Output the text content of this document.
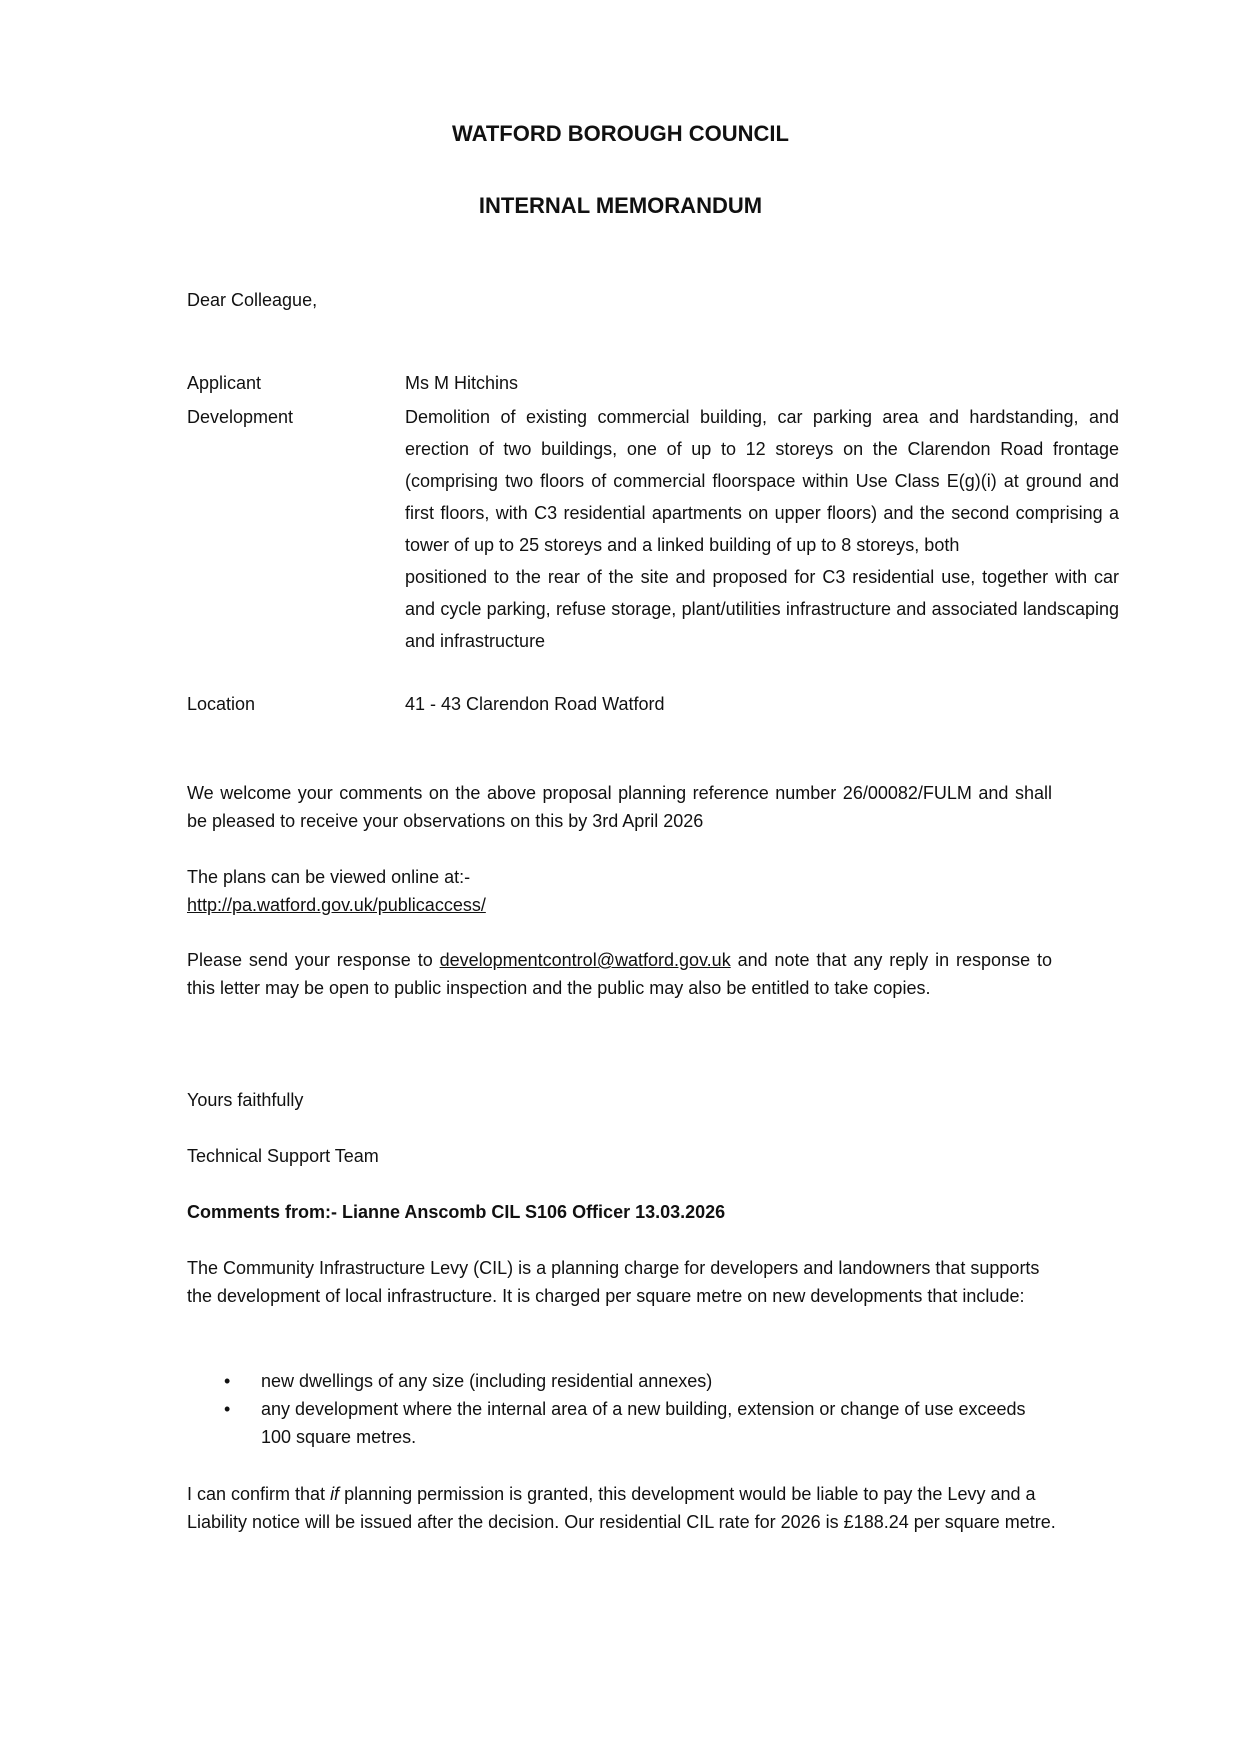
WATFORD BOROUGH COUNCIL
INTERNAL MEMORANDUM
Dear Colleague,
Applicant	Ms M Hitchins
Development	Demolition of existing commercial building, car parking area and hardstanding, and erection of two buildings, one of up to 12 storeys on the Clarendon Road frontage (comprising two floors of commercial floorspace within Use Class E(g)(i) at ground and first floors, with C3 residential apartments on upper floors) and the second comprising a tower of up to 25 storeys and a linked building of up to 8 storeys, both
positioned to the rear of the site and proposed for C3 residential use, together with car and cycle parking, refuse storage, plant/utilities infrastructure and associated landscaping and infrastructure
Location	41 - 43 Clarendon Road Watford
We welcome your comments on the above proposal planning reference number 26/00082/FULM and shall be pleased to receive your observations on this by 3rd April 2026
The plans can be viewed online at:-
http://pa.watford.gov.uk/publicaccess/
Please send your response to developmentcontrol@watford.gov.uk and note that any reply in response to this letter may be open to public inspection and the public may also be entitled to take copies.
Yours faithfully
Technical Support Team
Comments from:- Lianne Anscomb CIL S106 Officer 13.03.2026
The Community Infrastructure Levy (CIL) is a planning charge for developers and landowners that supports the development of local infrastructure. It is charged per square metre on new developments that include:
• new dwellings of any size (including residential annexes)
• any development where the internal area of a new building, extension or change of use exceeds 100 square metres.
I can confirm that if planning permission is granted, this development would be liable to pay the Levy and a Liability notice will be issued after the decision. Our residential CIL rate for 2026 is £188.24 per square metre.
